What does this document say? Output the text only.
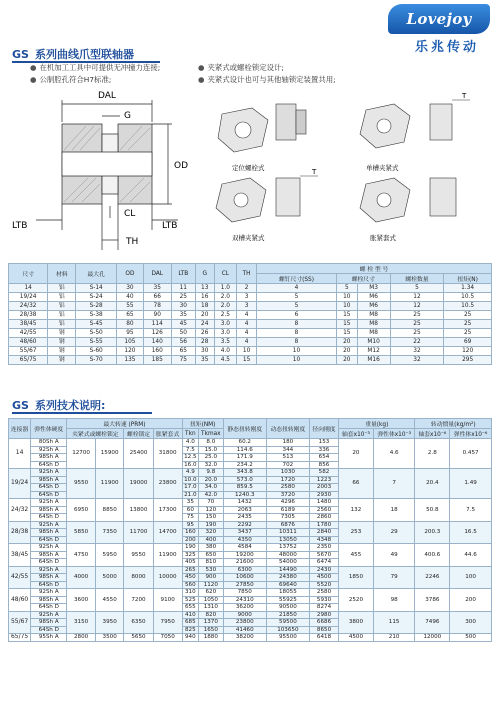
Lovejoy
乐兆传动
GS 系列曲线爪型联轴器
● 在机加工工具中可提供无冲撞力连接;	● 夹紧式或螺栓锁定设计;
● 公制腔孔符合H7标准;	● 夹紧式设计也可与其他轴锁定装置共用;
DAL
G
OD
CL
LTB	LTB
TH
定位螺栓式
T
单槽夹紧式
T
双槽夹紧式	胀紧套式
尺寸	材料	最大孔	OD	DAL	LTB	G	CL	TH	螺 栓 型 号				
									螺钉尺寸(SS)	螺栓尺寸		螺栓数量	扭矩(N)
14	铝	S-14	30	35	11	13	1.0	2	4	5	M3	5	1.34
19/24	铝	S-24	40	66	25	16	2.0	3	5	10	M6	12	10.5
24/32	铝	S-28	55	78	30	18	2.0	3	5	10	M6	12	10.5
28/38	铝	S-38	65	90	35	20	2.5	4	6	15	M8	25	25
38/45	铝	S-45	80	114	45	24	3.0	4	8	15	M8	25	25
42/55	钢	S-50	95	126	50	26	3.0	4	8	15	M8	25	25
48/60	钢	S-55	105	140	56	28	3.5	4	8	20	M10	22	69
55/67	钢	S-60	120	160	65	30	4.0	10	10	20	M12	32	120
65/75	钢	S-70	135	185	75	35	4.5	15	10	20	M16	32	295
GS 系列技术说明:
连接器	弹性体硬度	最大转速 (PRM)				扭矩(NM)		静态扭转刚度	动态扭转刚度	径向刚度	重量(kg)		转动惯量(kg/m²)	
		夹紧式或螺栓锁定		螺栓锁定	胀紧套式	Tkn	Tkmax				轴套x10⁻³	弹性体x10⁻³	轴套x10⁻⁶	弹性体x10⁻⁶
14	80Sh A	12700	15900	25400	31800	4.0	8.0	60.2	180	153	20	4.6	2.8	0.457
	92Sh A					7.5	15.0	114.6	344	336				
	98Sh A					12.5	25.0	171.9	513	654				
	64Sh D					16.0	32.0	234.2	702	856				
19/24	92Sh A	9550	11900	19000	23800	4.9	9.8	343.8	1030	582	66	7	20.4	1.49
	98Sh A					10.0	20.0	573.0	1720	1223				
	64Sh D					17.0	34.0	859.5	2580	2003				
	64Sh D					21.0	42.0	1240.3	3720	2930				
24/32	92Sh A	6950	8850	13800	17300	35	70	1432	4296	1480	132	18	50.8	7.5
	98Sh A					60	120	2063	6189	2560				
	64Sh D					75	150	2435	7305	2860				
28/38	92Sh A	5850	7350	11700	14700	95	190	2292	6876	1780	253	29	200.3	16.5
	98Sh A					160	320	3437	10311	2840				
	64Sh D					200	400	4350	13050	4348				
38/45	92Sh A	4750	5950	9550	11900	190	380	4584	13752	2350	455	49	400.6	44.6
	98Sh A					325	650	19200	48000	5670				
	64Sh D					405	810	21600	54000	6474				
42/55	92Sh A	4000	5000	8000	10000	265	530	6300	14490	2430	1850	79	2246	100
	98Sh A					450	900	10600	24380	4500				
	64Sh D					560	1120	27850	69640	5520				
48/60	92Sh A	3600	4550	7200	9100	310	620	7850	18055	2580	2520	98	3786	200
	98Sh A					525	1050	24310	55925	5930				
	64Sh D					655	1310	36200	90500	8274				
55/67	92Sh A	3150	3950	6350	7950	410	820	9000	21850	2980	3800	115	7496	300
	98Sh A					685	1370	23800	59500	6686				
	64Sh D					825	1650	41460	103650	8650				
65/75	95Sh A	2800	3500	5650	7050	940	1880	38200	95500	6418	4500	210	12000	500
